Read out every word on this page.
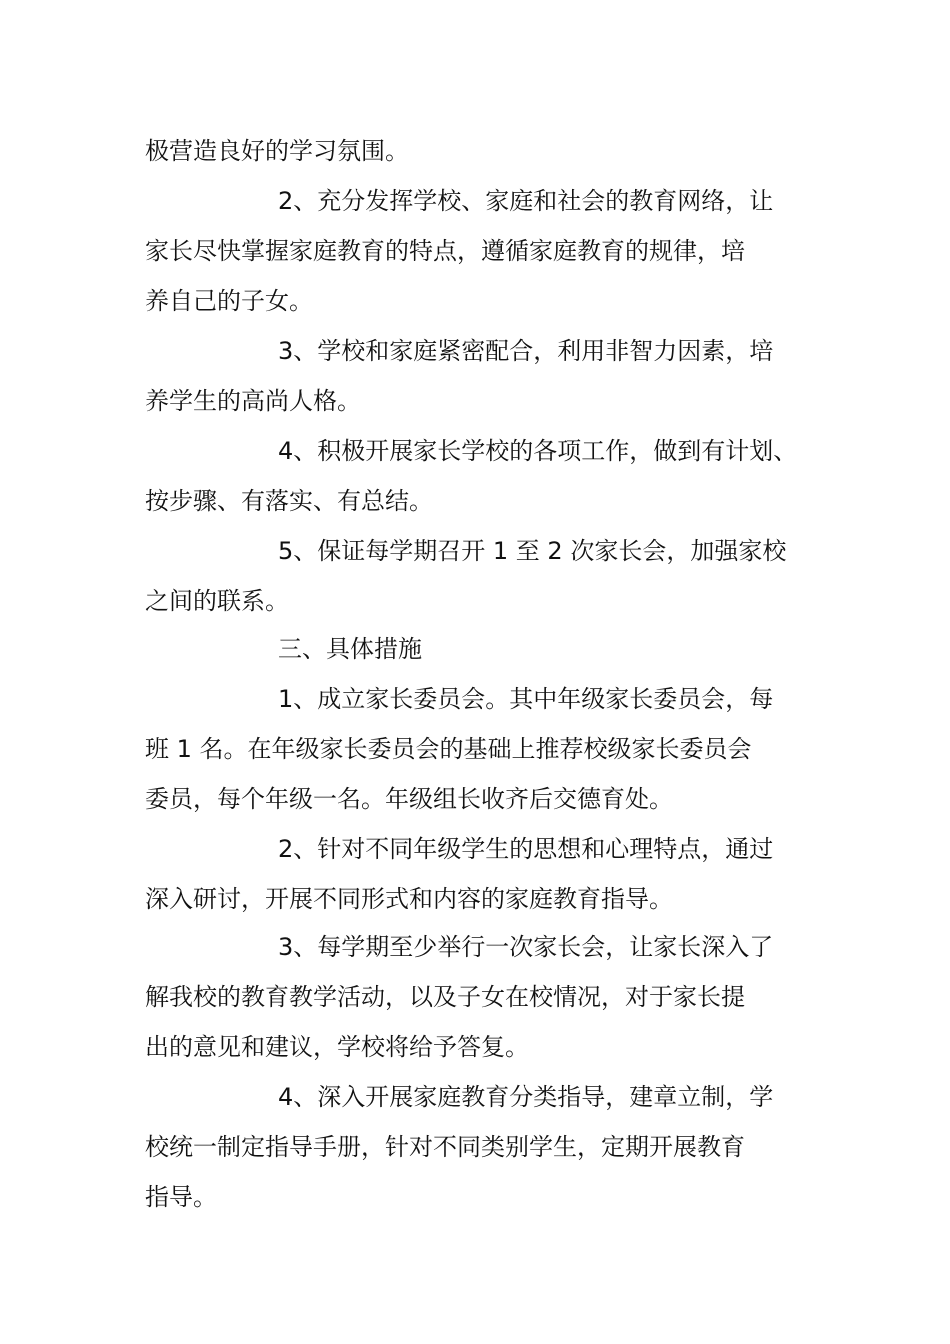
极营造良好的学习氛围。
2、充分发挥学校、家庭和社会的教育网络，让
家长尽快掌握家庭教育的特点，遵循家庭教育的规律，培
养自己的子女。
3、学校和家庭紧密配合，利用非智力因素，培
养学生的高尚人格。
4、积极开展家长学校的各项工作，做到有计划、
按步骤、有落实、有总结。
5、保证每学期召开 1 至 2 次家长会，加强家校
之间的联系。
三、具体措施
1、成立家长委员会。其中年级家长委员会，每
班 1 名。在年级家长委员会的基础上推荐校级家长委员会
委员，每个年级一名。年级组长收齐后交德育处。
2、针对不同年级学生的思想和心理特点，通过
深入研讨，开展不同形式和内容的家庭教育指导。
3、每学期至少举行一次家长会，让家长深入了
解我校的教育教学活动，以及子女在校情况，对于家长提
出的意见和建议，学校将给予答复。
4、深入开展家庭教育分类指导，建章立制，学
校统一制定指导手册，针对不同类别学生，定期开展教育
指导。
